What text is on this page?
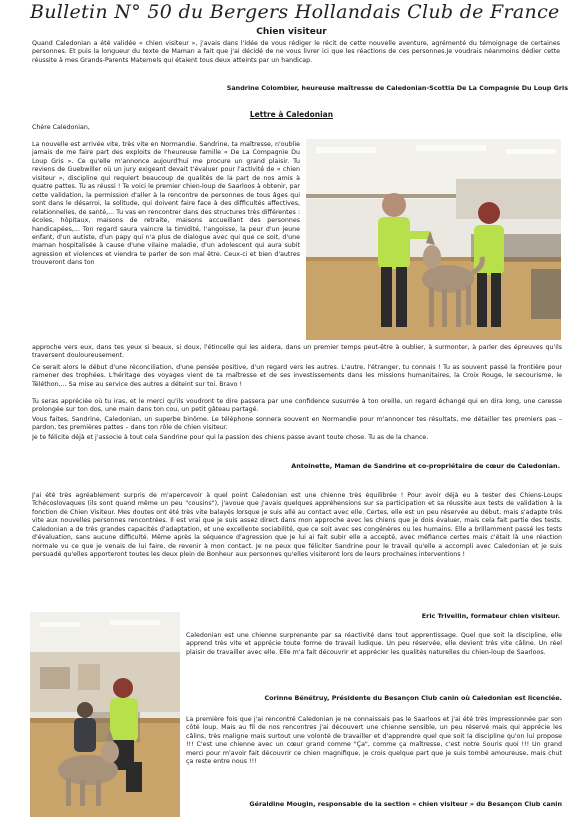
Bulletin N° 50 du Bergers Hollandais Club de France
Chien visiteur

Quand Caledonian a été validée « chien visiteur », j'avais dans l'idée de vous rédiger le récit de cette nouvelle aventure, agrémenté du témoignage de certaines personnes. Et puis la longueur du texte de Maman a fait que j'ai décidé de ne vous livrer ici que les réactions de ces personnes.Je voudrais néanmoins dédier cette réussite à mes Grands-Parents Maternels qui étaient tous deux atteints par un handicap.

Sandrine Colombier, heureuse maîtresse de Caledonian-Scottia De La Compagnie Du Loup Gris
Lettre à Caledonian

Chère Caledonian,

La nouvelle est arrivée vite, très vite en Normandie. Sandrine, ta maîtresse, n'oublie jamais de me faire part des exploits de l'heureuse famille « De La Compagnie Du Loup Gris ». Ce qu'elle m'annonce aujourd'hui me procure un grand plaisir. Tu reviens de Guebwiller où un jury exigeant devait t'évaluer pour l'activité de « chien visiteur », discipline qui requiert beaucoup de qualités de la part de nos amis à quatre pattes. Tu as réussi ! Te voici le premier chien-loup de Saarloos à obtenir, par cette validation, la permission d'aller à la rencontre de personnes de tous âges qui sont dans le désarroi, la solitude, qui doivent faire face à des difficultés affectives, relationnelles, de santé,... Tu vas en rencontrer dans des structures très différentes : écoles, hôpitaux, maisons de retraite, maisons accueillant des personnes handicapées,... Ton regard saura vaincre la timidité, l'angoisse, la peur d'un jeune enfant, d'un autiste, d'un papy qui n'a plus de dialogue avec qui que ce soit, d'une maman hospitalisée à cause d'une vilaine maladie, d'un adolescent qui aura subit agression et violences et viendra te parler de son mal être. Ceux-ci et bien d'autres trouveront dans ton

approche vers eux, dans tes yeux si beaux, si doux, l'étincelle qui les aidera, dans un premier temps peut-être à oublier, à surmonter, à parler des épreuves qu'ils traversent douloureusement.

Ce serait alors le début d'une réconciliation, d'une pensée positive, d'un regard vers les autres. L'autre, l'étranger, tu connais ! Tu as souvent passé la frontière pour ramener des trophées. L'héritage des voyages vient de ta maîtresse et de ses investissements dans les missions humanitaires, la Croix Rouge, le secourisme, le Téléthon,... Sa mise au service des autres a déteint sur toi. Bravo !

Tu seras appréciée où tu iras, et le merci qu'ils voudront te dire passera par une confidence susurrée à ton oreille, un regard échangé qui en dira long, une caresse prolongée sur ton dos, une main dans ton cou, un petit gâteau partagé.

Vous faites, Sandrine, Caledonian, un superbe binôme. Le téléphone sonnera souvent en Normandie pour m'annoncer tes résultats, me détailler tes premiers pas – pardon, tes premières pattes – dans ton rôle de chien visiteur.

Je te félicite déjà et j'associe à tout cela Sandrine pour qui la passion des chiens passe avant toute chose. Tu as de la chance.

Antoinette, Maman de Sandrine et co-propriétaire de cœur de Caledonian.

J'ai été très agréablement surpris de m'apercevoir à quel point Caledonian est une chienne très équilibrée ! Pour avoir déjà eu à tester des Chiens-Loups Tchécoslovaques (ils sont quand même un peu "cousins"), j'avoue que j'avais quelques appréhensions sur sa participation et sa réussite aux tests de validation à la fonction de Chien Visiteur. Mes doutes ont été très vite balayés lorsque je suis allé au contact avec elle. Certes, elle est un peu réservée au début, mais s'adapte très vite aux nouvelles personnes rencontrées. Il est vrai que je suis assez direct dans mon approche avec les chiens que je dois évaluer, mais cela fait partie des tests. Caledonian a de très grandes capacités d'adaptation, et une excellente sociabilité, que ce soit avec ses congénères ou les humains. Elle a brillamment passé les tests d'évaluation, sans aucune difficulté. Même après la séquence d'agression que je lui ai fait subir elle a accepté, avec méfiance certes mais c'était là une réaction normale vu ce que je venais de lui faire, de revenir à mon contact. Je ne peux que féliciter Sandrine pour le travail qu'elle a accompli avec Caledonian et je suis persuadé qu'elles apporteront toutes les deux plein de Bonheur aux personnes qu'elles visiteront lors de leurs prochaines interventions !

Eric Trivellin, formateur chien visiteur.

Caledonian est une chienne surprenante par sa réactivité dans tout apprentissage. Quel que soit la discipline, elle apprend très vite et apprécie toute forme de travail ludique. Un peu réservée, elle devient très vite câline. Un réel plaisir de travailler avec elle. Elle m'a fait découvrir et apprécier les qualités naturelles du chien-loup de Saarloos.

Corinne Bénétruy, Présidente du Besançon Club canin où Caledonian est licenciée.

La première fois que j'ai rencontré Caledonian je ne connaissais pas le Saarloos et j'ai été très impressionnée par son côté loup. Mais au fil de nos rencontres j'ai découvert une chienne sensible, un peu réservé mais qui apprécie les câlins, très maligne mais surtout une volonté de travailler et d'apprendre quel que soit la discipline qu'on lui propose !!! C'est une chienne avec un cœur grand comme "Ça", comme ça maîtresse, c'est notre Souris quoi !!! Un grand merci pour m'avoir fait découvrir ce chien magnifique, je crois quelque part que je suis tombé amoureuse, mais chut ça reste entre nous !!!

Géraldine Mougin, responsable de la section « chien visiteur » du Besançon Club canin
